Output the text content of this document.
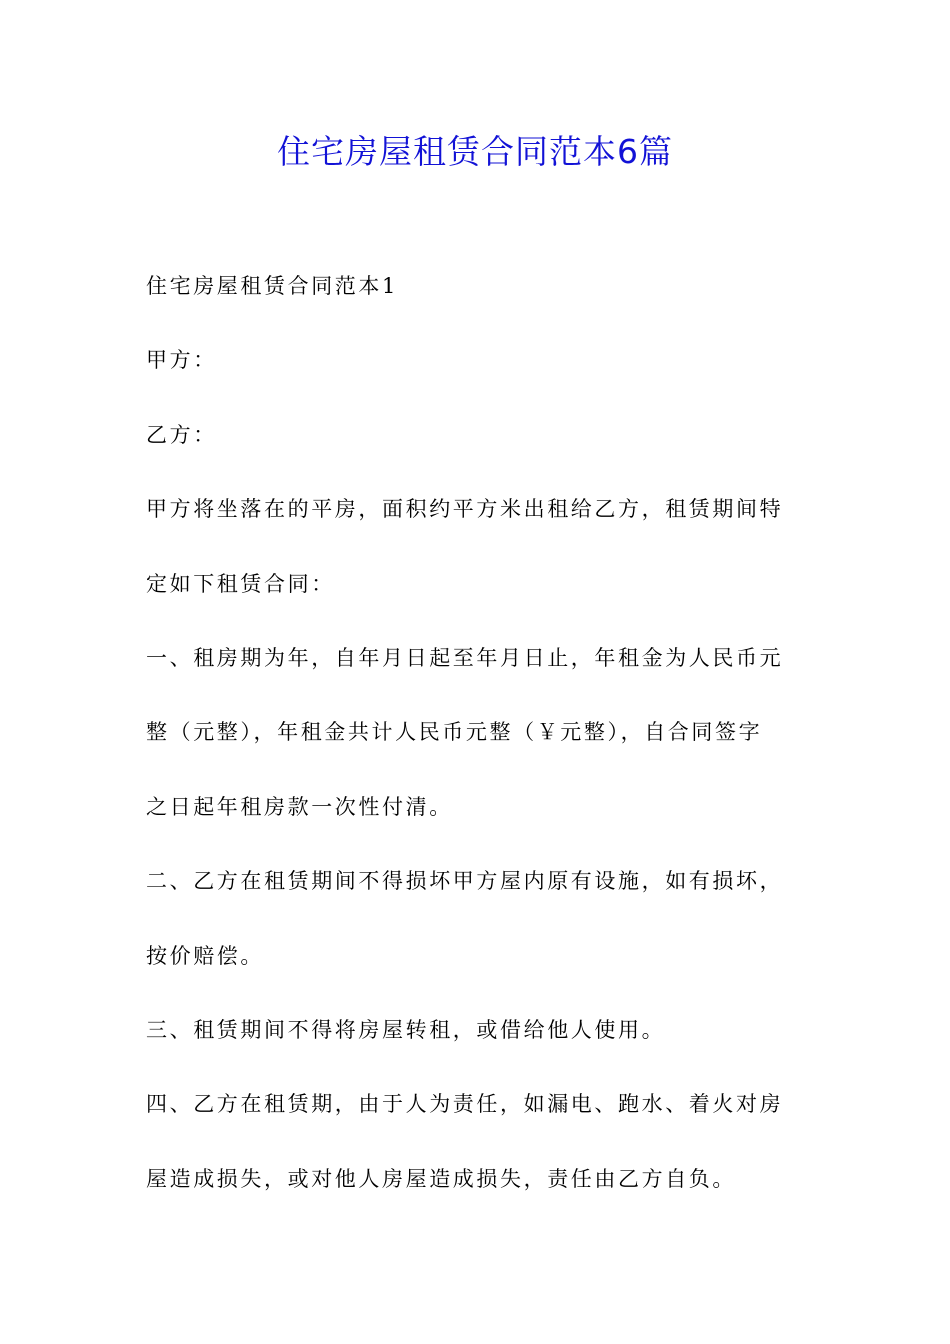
住宅房屋租赁合同范本6篇
住宅房屋租赁合同范本1
甲方：
乙方：
甲方将坐落在的平房，面积约平方米出租给乙方，租赁期间特
定如下租赁合同：
一、租房期为年，自年月日起至年月日止，年租金为人民币元
整（元整），年租金共计人民币元整（￥元整），自合同签字
之日起年租房款一次性付清。
二、乙方在租赁期间不得损坏甲方屋内原有设施，如有损坏，
按价赔偿。
三、租赁期间不得将房屋转租，或借给他人使用。
四、乙方在租赁期，由于人为责任，如漏电、跑水、着火对房
屋造成损失，或对他人房屋造成损失，责任由乙方自负。
